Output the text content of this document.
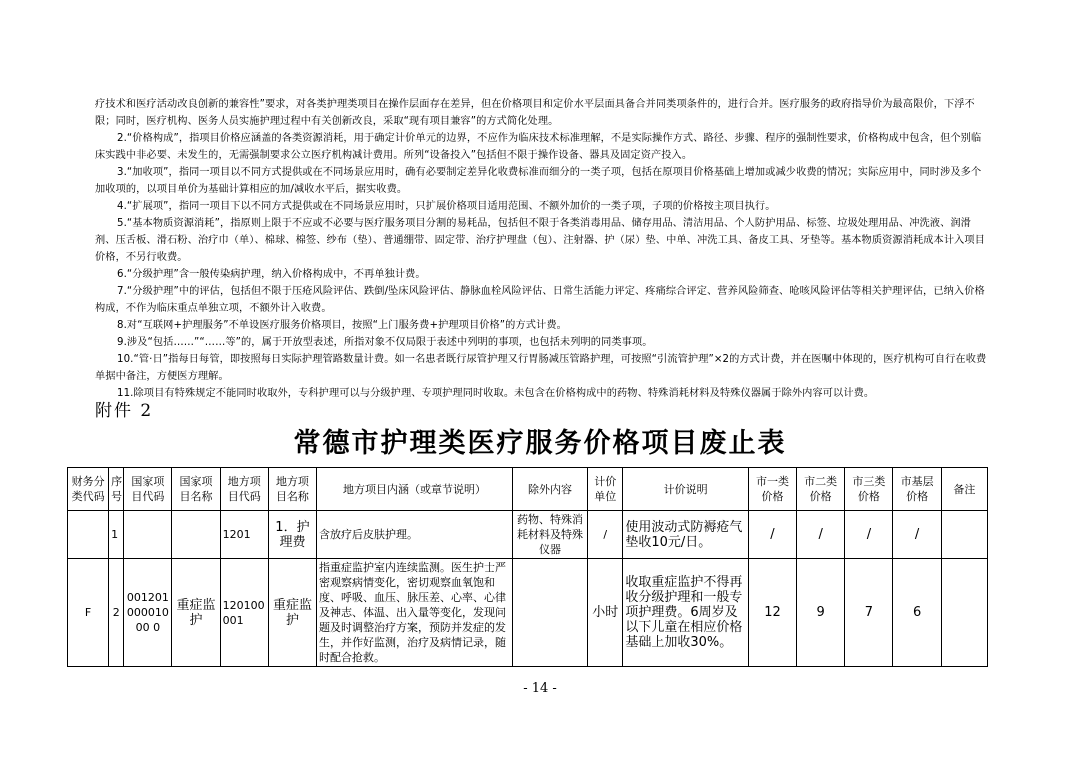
疗技术和医疗活动改良创新的兼容性”要求，对各类护理类项目在操作层面存在差异，但在价格项目和定价水平层面具备合并同类项条件的，进行合并。医疗服务的政府指导价为最高限价，下浮不限；同时，医疗机构、医务人员实施护理过程中有关创新改良，采取“现有项目兼容”的方式简化处理。

2.“价格构成”，指项目价格应涵盖的各类资源消耗，用于确定计价单元的边界，不应作为临床技术标准理解，不是实际操作方式、路径、步骤、程序的强制性要求，价格构成中包含，但个别临床实践中非必要、未发生的，无需强制要求公立医疗机构减计费用。所列“设备投入”包括但不限于操作设备、器具及固定资产投入。

3.“加收项”，指同一项目以不同方式提供或在不同场景应用时，确有必要制定差异化收费标准而细分的一类子项，包括在原项目价格基础上增加或减少收费的情况；实际应用中，同时涉及多个加收项的，以项目单价为基础计算相应的加/减收水平后，据实收费。

4.“扩展项”，指同一项目下以不同方式提供或在不同场景应用时，只扩展价格项目适用范围、不额外加价的一类子项，子项的价格按主项目执行。

5.“基本物质资源消耗”，指原则上限于不应或不必要与医疗服务项目分割的易耗品，包括但不限于各类消毒用品、储存用品、清洁用品、个人防护用品、标签、垃圾处理用品、冲洗液、润滑剂、压舌板、滑石粉、治疗巾（单）、棉球、棉签、纱布（垫）、普通绷带、固定带、治疗护理盘（包）、注射器、护（尿）垫、中单、冲洗工具、备皮工具、牙垫等。基本物质资源消耗成本计入项目价格，不另行收费。

6.“分级护理”含一般传染病护理，纳入价格构成中，不再单独计费。

7.“分级护理”中的评估，包括但不限于压疮风险评估、跌倒/坠床风险评估、静脉血栓风险评估、日常生活能力评定、疼痛综合评定、营养风险筛查、呛咳风险评估等相关护理评估，已纳入价格构成，不作为临床重点单独立项，不额外计入收费。

8.对“互联网+护理服务”不单设医疗服务价格项目，按照“上门服务费+护理项目价格”的方式计费。

9.涉及“包括……”“……等”的，属于开放型表述，所指对象不仅局限于表述中列明的事项，也包括未列明的同类事项。

10.“管·日”指每日每管，即按照每日实际护理管路数量计费。如一名患者既行尿管护理又行胃肠减压管路护理，可按照“引流管护理”×2的方式计费，并在医嘱中体现的，医疗机构可自行在收费单据中备注，方便医方理解。

11.除项目有特殊规定不能同时收取外，专科护理可以与分级护理、专项护理同时收取。未包含在价格构成中的药物、特殊消耗材料及特殊仪器属于除外内容可以计费。

附件 2
常德市护理类医疗服务价格项目废止表
财务分类代码	序号	国家项目代码	国家项目名称	地方项目代码	地方项目名称	地方项目内涵（或章节说明）	除外内容	计价单位	计价说明	市一类价格	市二类价格	市三类价格	市基层价格	备注
	1			1201	1．护理费	含放疗后皮肤护理。	药物、特殊消耗材料及特殊仪器	/	使用波动式防褥疮气垫收10元/日。	/	/	/	/	
F	2	00120100001000 0	重症监护	120100001	重症监护	指重症监护室内连续监测。医生护士严密观察病情变化，密切观察血氧饱和度、呼吸、血压、脉压差、心率、心律及神志、体温、出入量等变化，发现问题及时调整治疗方案，预防并发症的发生，并作好监测，治疗及病情记录，随时配合抢救。		小时	收取重症监护不得再收分级护理和一般专项护理费。6周岁及以下儿童在相应价格基础上加收30%。	12	9	7	6	
- 14 -
